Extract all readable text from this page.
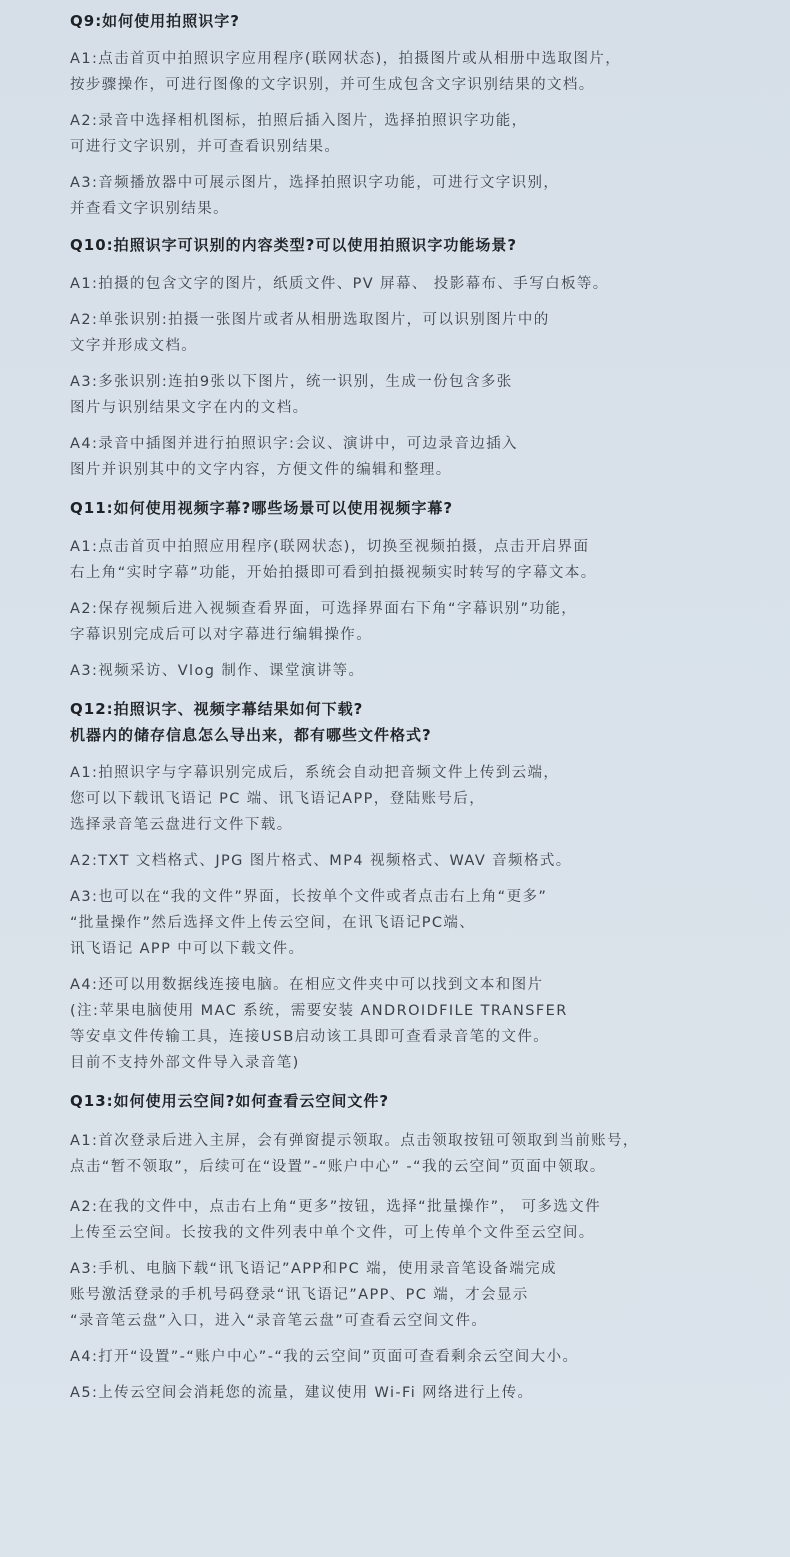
Q9:如何使用拍照识字?

A1:点击首页中拍照识字应用程序(联网状态)，拍摄图片或从相册中选取图片，
按步骤操作，可进行图像的文字识别，并可生成包含文字识别结果的文档。

A2:录音中选择相机图标，拍照后插入图片，选择拍照识字功能，
可进行文字识别，并可查看识别结果。

A3:音频播放器中可展示图片，选择拍照识字功能，可进行文字识别，
并查看文字识别结果。

Q10:拍照识字可识别的内容类型?可以使用拍照识字功能场景?

A1:拍摄的包含文字的图片，纸质文件、PV 屏幕、 投影幕布、手写白板等。

A2:单张识别:拍摄一张图片或者从相册选取图片，可以识别图片中的
文字并形成文档。

A3:多张识别:连拍9张以下图片，统一识别，生成一份包含多张
图片与识别结果文字在内的文档。

A4:录音中插图并进行拍照识字:会议、演讲中，可边录音边插入
图片并识别其中的文字内容，方便文件的编辑和整理。

Q11:如何使用视频字幕?哪些场景可以使用视频字幕?

A1:点击首页中拍照应用程序(联网状态)，切换至视频拍摄，点击开启界面
右上角“实时字幕”功能，开始拍摄即可看到拍摄视频实时转写的字幕文本。

A2:保存视频后进入视频查看界面，可选择界面右下角“字幕识别”功能，
字幕识别完成后可以对字幕进行编辑操作。

A3:视频采访、Vlog 制作、课堂演讲等。

Q12:拍照识字、视频字幕结果如何下载?
机器内的储存信息怎么导出来，都有哪些文件格式?

A1:拍照识字与字幕识别完成后，系统会自动把音频文件上传到云端，
您可以下载讯飞语记 PC 端、讯飞语记APP，登陆账号后，
选择录音笔云盘进行文件下载。

A2:TXT 文档格式、JPG 图片格式、MP4 视频格式、WAV 音频格式。

A3:也可以在“我的文件”界面，长按单个文件或者点击右上角“更多”
“批量操作”然后选择文件上传云空间，在讯飞语记PC端、
讯飞语记 APP 中可以下载文件。

A4:还可以用数据线连接电脑。在相应文件夹中可以找到文本和图片
(注:苹果电脑使用 MAC 系统，需要安装 ANDROIDFILE TRANSFER
等安卓文件传输工具，连接USB启动该工具即可查看录音笔的文件。
目前不支持外部文件导入录音笔)

Q13:如何使用云空间?如何查看云空间文件?

A1:首次登录后进入主屏，会有弹窗提示领取。点击领取按钮可领取到当前账号，
点击“暂不领取”，后续可在“设置”-“账户中心” -“我的云空间”页面中领取。

A2:在我的文件中，点击右上角“更多”按钮，选择“批量操作”， 可多选文件
上传至云空间。长按我的文件列表中单个文件，可上传单个文件至云空间。

A3:手机、电脑下载“讯飞语记”APP和PC 端，使用录音笔设备端完成
账号激活登录的手机号码登录“讯飞语记”APP、PC 端，才会显示
“录音笔云盘”入口，进入“录音笔云盘”可查看云空间文件。

A4:打开“设置”-“账户中心”-“我的云空间”页面可查看剩余云空间大小。

A5:上传云空间会消耗您的流量，建议使用 Wi-Fi 网络进行上传。
